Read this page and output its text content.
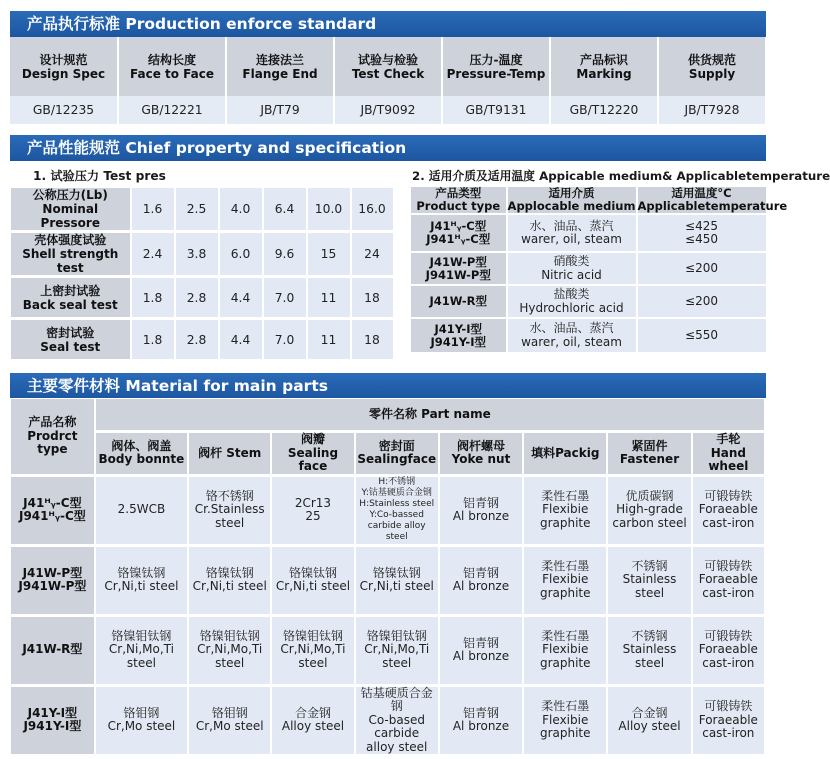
产品执行标准 Production enforce standard
设计规范
Design Spec	结构长度
Face to Face	连接法兰
Flange End	试验与检验
Test Check	压力-温度
Pressure-Temp	产品标识
Marking	供货规范
Supply

GB/12235	GB/12221	JB/T79	JB/T9092	GB/T9131	GB/T12220	JB/T7928
产品性能规范 Chief property and specification
1. 试验压力 Test pres	2. 适用介质及适用温度 Appicable medium& Applicabletemperature
公称压力(Lb)
Nominal Pressore	1.6	2.5	4.0	6.4	10.0	16.0

壳体强度试验
Shell strength test	2.4	3.8	6.0	9.6	15	24

上密封试验
Back seal test	1.8	2.8	4.4	7.0	11	18

密封试验
Seal test	1.8	2.8	4.4	7.0	11	18
产品类型
Product type	适用介质
Applocable medium	适用温度°C
Applicabletemperature

J41ᴴᵧ-C型
J941ᴴᵧ-C型	水、油品、蒸汽
warer, oil, steam	≤425
≤450

J41W-P型
J941W-P型	硝酸类
Nitric acid	≤200
J41W-R型	盐酸类
Hydrochloric acid	≤200

J41Y-I型
J941Y-I型	水、油品、蒸汽
warer, oil, steam	≤550
主要零件材料 Material for main parts
产品名称
Prodrct type	零件名称 Part name							

	阀体、阀盖
Body bonnte	阀杆 Stem	阀瓣
Sealing face	密封面
Sealingface	阀杆螺母
Yoke nut	填料Packig	紧固件
Fastener	手轮
Hand wheel

J41ᴴᵧ-C型
J941ᴴᵧ-C型	2.5WCB	铬不锈钢
Cr.Stainless
steel	2Cr13
25	H:不锈钢
Y:钴基硬质合金钢
H:Stainless steel
Y:Co-bassed
carbide alloy steel	铝青钢
Al bronze	柔性石墨
Flexibie
graphite	优质碳钢
High-grade
carbon steel	可锻铸铁
Foraeable
cast-iron

J41W-P型
J941W-P型	铬镍钛钢
Cr,Ni,ti steel	铬镍钛钢
Cr,Ni,ti steel	铬镍钛钢
Cr,Ni,ti steel	铬镍钛钢
Cr,Ni,ti steel	铝青钢
Al bronze	柔性石墨
Flexibie
graphite	不锈钢
Stainless
steel	可锻铸铁
Foraeable
cast-iron

J41W-R型	铬镍钼钛钢
Cr,Ni,Mo,Ti
steel	铬镍钼钛钢
Cr,Ni,Mo,Ti
steel	铬镍钼钛钢
Cr,Ni,Mo,Ti
steel	铬镍钼钛钢
Cr,Ni,Mo,Ti
steel	铝青钢
Al bronze	柔性石墨
Flexibie
graphite	不锈钢
Stainless
steel	可锻铸铁
Foraeable
cast-iron

J41Y-I型
J941Y-I型	铬钼钢
Cr,Mo steel	铬钼钢
Cr,Mo steel	合金钢
Alloy steel	钴基硬质合金钢
Co-based
carbide
alloy steel	铝青钢
Al bronze	柔性石墨
Flexibie
graphite	合金钢
Alloy steel	可锻铸铁
Foraeable
cast-iron
